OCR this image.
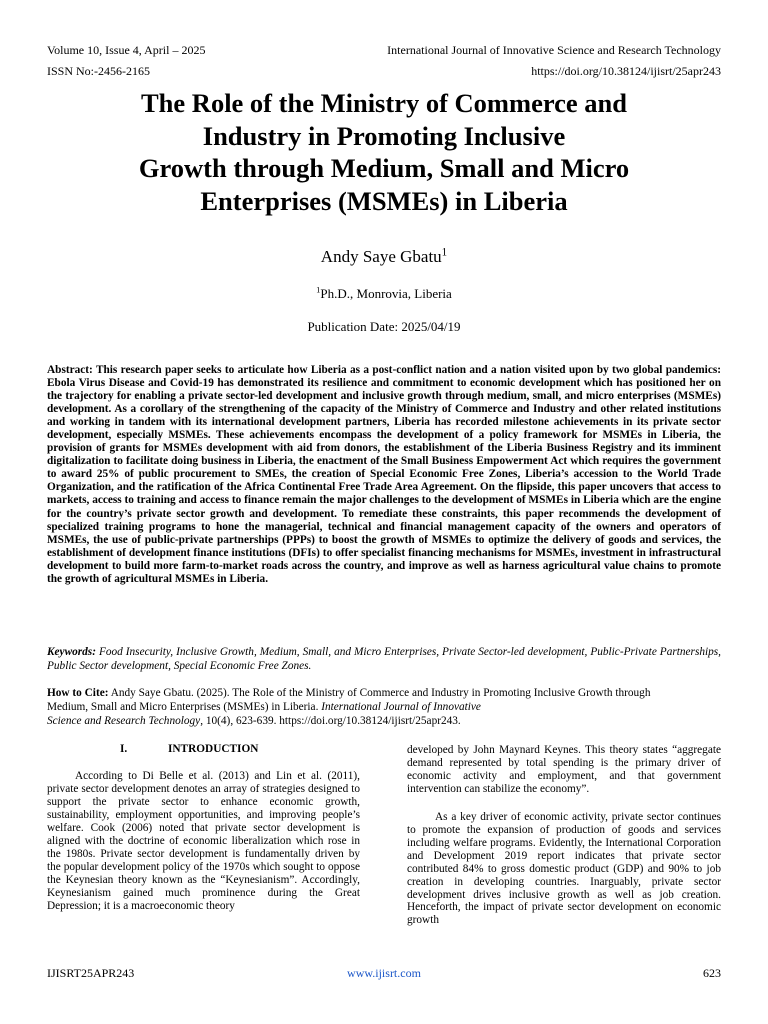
Volume 10, Issue 4, April – 2025
ISSN No:-2456-2165
International Journal of Innovative Science and Research Technology
https://doi.org/10.38124/ijisrt/25apr243
The Role of the Ministry of Commerce and
Industry in Promoting Inclusive
Growth through Medium, Small and Micro
Enterprises (MSMEs) in Liberia
Andy Saye Gbatu$^1$
$^1$Ph.D., Monrovia, Liberia
Publication Date: 2025/04/19
Abstract: This research paper seeks to articulate how Liberia as a post-conflict nation and a nation visited upon by two global pandemics: Ebola Virus Disease and Covid-19 has demonstrated its resilience and commitment to economic development which has positioned her on the trajectory for enabling a private sector-led development and inclusive growth through medium, small, and micro enterprises (MSMEs) development. As a corollary of the strengthening of the capacity of the Ministry of Commerce and Industry and other related institutions and working in tandem with its international development partners, Liberia has recorded milestone achievements in its private sector development, especially MSMEs. These achievements encompass the development of a policy framework for MSMEs in Liberia, the provision of grants for MSMEs development with aid from donors, the establishment of the Liberia Business Registry and its imminent digitalization to facilitate doing business in Liberia, the enactment of the Small Business Empowerment Act which requires the government to award 25% of public procurement to SMEs, the creation of Special Economic Free Zones, Liberia’s accession to the World Trade Organization, and the ratification of the Africa Continental Free Trade Area Agreement. On the flipside, this paper uncovers that access to markets, access to training and access to finance remain the major challenges to the development of MSMEs in Liberia which are the engine for the country’s private sector growth and development. To remediate these constraints, this paper recommends the development of specialized training programs to hone the managerial, technical and financial management capacity of the owners and operators of MSMEs, the use of public-private partnerships (PPPs) to boost the growth of MSMEs to optimize the delivery of goods and services, the establishment of development finance institutions (DFIs) to offer specialist financing mechanisms for MSMEs, investment in infrastructural development to build more farm-to-market roads across the country, and improve as well as harness agricultural value chains to promote the growth of agricultural MSMEs in Liberia.
Keywords: Food Insecurity, Inclusive Growth, Medium, Small, and Micro Enterprises, Private Sector-led development, Public-Private Partnerships, Public Sector development, Special Economic Free Zones.
How to Cite: Andy Saye Gbatu. (2025). The Role of the Ministry of Commerce and Industry in Promoting Inclusive Growth through
Medium, Small and Micro Enterprises (MSMEs) in Liberia. International Journal of Innovative
Science and Research Technology, 10(4), 623-639. https://doi.org/10.38124/ijisrt/25apr243.
I.	INTRODUCTION

According to Di Belle et al. (2013) and Lin et al. (2011), private sector development denotes an array of strategies designed to support the private sector to enhance economic growth, sustainability, employment opportunities, and improving people’s welfare. Cook (2006) noted that private sector development is aligned with the doctrine of economic liberalization which rose in the 1980s. Private sector development is fundamentally driven by the popular development policy of the 1970s which sought to oppose the Keynesian theory known as the “Keynesianism”. Accordingly, Keynesianism gained much prominence during the Great Depression; it is a macroeconomic theory

developed by John Maynard Keynes. This theory states “aggregate demand represented by total spending is the primary driver of economic activity and employment, and that government intervention can stabilize the economy”.

As a key driver of economic activity, private sector continues to promote the expansion of production of goods and services including welfare programs. Evidently, the International Corporation and Development 2019 report indicates that private sector contributed 84% to gross domestic product (GDP) and 90% to job creation in developing countries. Inarguably, private sector development drives inclusive growth as well as job creation. Henceforth, the impact of private sector development on economic growth

IJISRT25APR243	www.ijisrt.com	623
